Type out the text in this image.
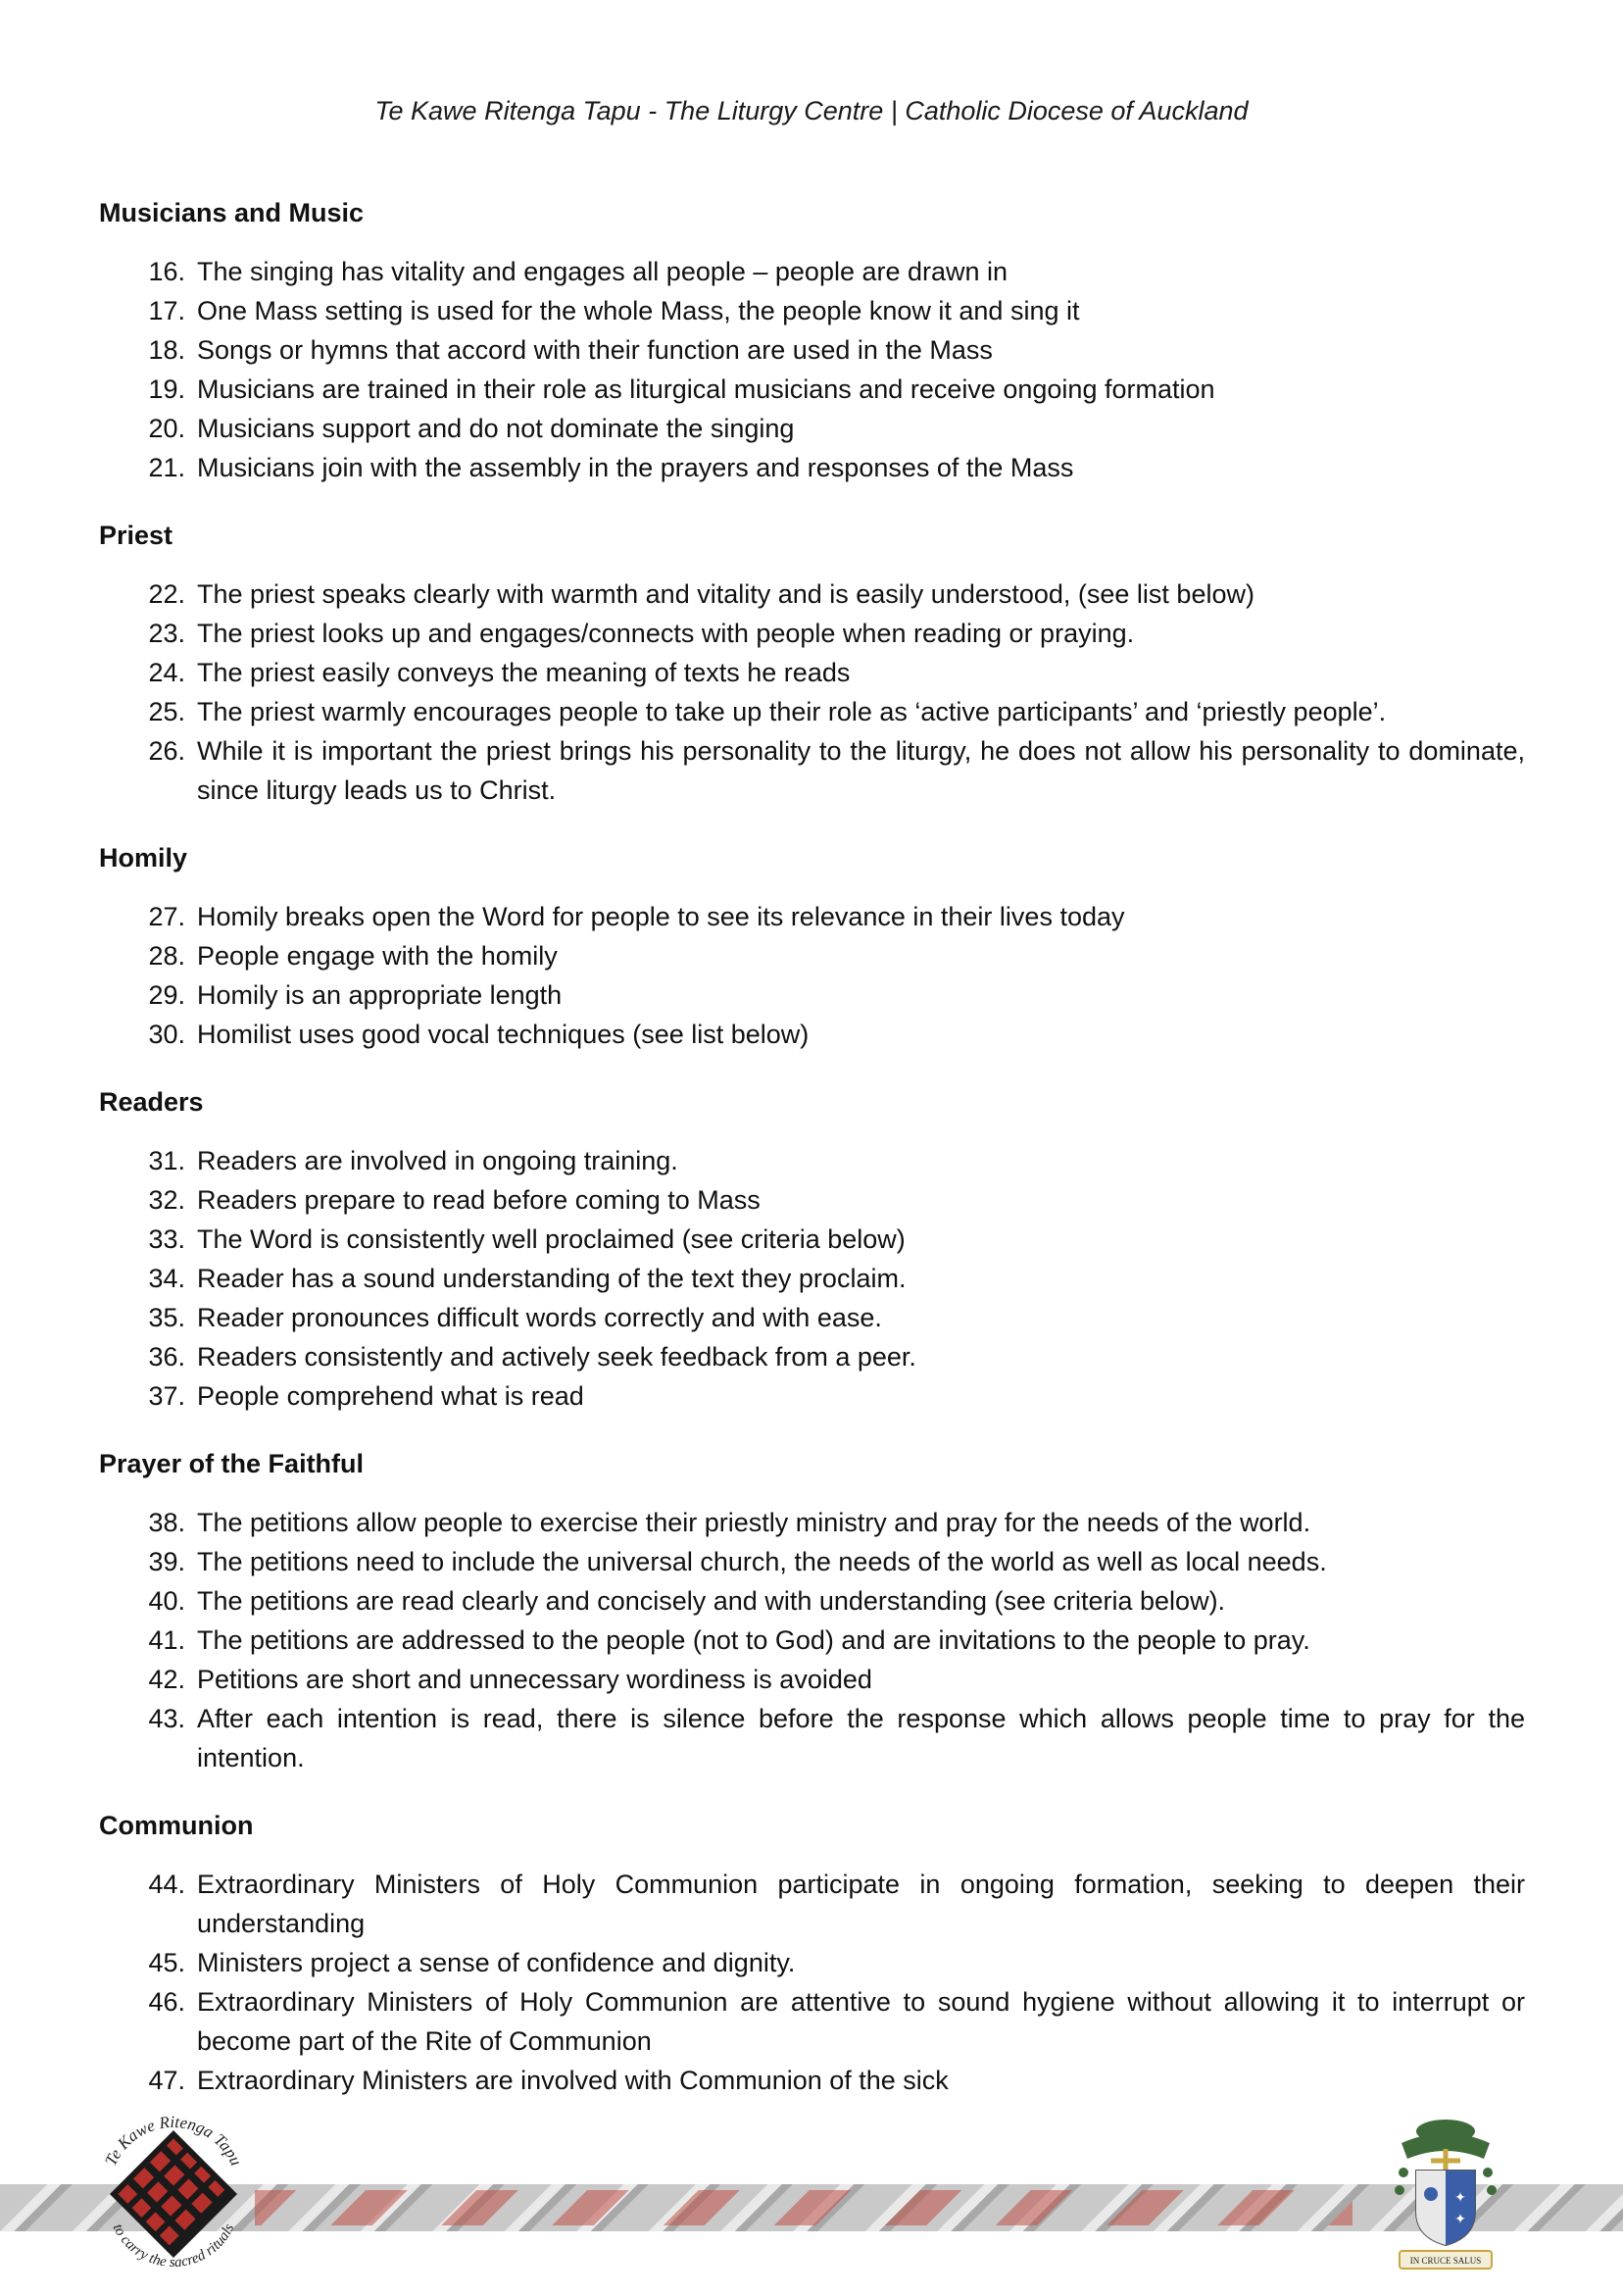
Te Kawe Ritenga Tapu - The Liturgy Centre | Catholic Diocese of Auckland
Musicians and Music
16. The singing has vitality and engages all people – people are drawn in
17. One Mass setting is used for the whole Mass, the people know it and sing it
18. Songs or hymns that accord with their function are used in the Mass
19. Musicians are trained in their role as liturgical musicians and receive ongoing formation
20. Musicians support and do not dominate the singing
21. Musicians join with the assembly in the prayers and responses of the Mass
Priest
22. The priest speaks clearly with warmth and vitality and is easily understood, (see list below)
23. The priest looks up and engages/connects with people when reading or praying.
24. The priest easily conveys the meaning of texts he reads
25. The priest warmly encourages people to take up their role as ‘active participants’ and ‘priestly people’.
26. While it is important the priest brings his personality to the liturgy, he does not allow his personality to dominate, since liturgy leads us to Christ.
Homily
27. Homily breaks open the Word for people to see its relevance in their lives today
28. People engage with the homily
29. Homily is an appropriate length
30. Homilist uses good vocal techniques (see list below)
Readers
31. Readers are involved in ongoing training.
32. Readers prepare to read before coming to Mass
33. The Word is consistently well proclaimed (see criteria below)
34. Reader has a sound understanding of the text they proclaim.
35. Reader pronounces difficult words correctly and with ease.
36. Readers consistently and actively seek feedback from a peer.
37. People comprehend what is read
Prayer of the Faithful
38. The petitions allow people to exercise their priestly ministry and pray for the needs of the world.
39. The petitions need to include the universal church, the needs of the world as well as local needs.
40. The petitions are read clearly and concisely and with understanding (see criteria below).
41. The petitions are addressed to the people (not to God) and are invitations to the people to pray.
42. Petitions are short and unnecessary wordiness is avoided
43. After each intention is read, there is silence before the response which allows people time to pray for the intention.
Communion
44. Extraordinary Ministers of Holy Communion participate in ongoing formation, seeking to deepen their understanding
45. Ministers project a sense of confidence and dignity.
46. Extraordinary Ministers of Holy Communion are attentive to sound hygiene without allowing it to interrupt or become part of the Rite of Communion
47. Extraordinary Ministers are involved with Communion of the sick
Te Kawe Ritenga Tapu
to carry the sacred rituals
✦
✦
IN CRUCE SALUS
